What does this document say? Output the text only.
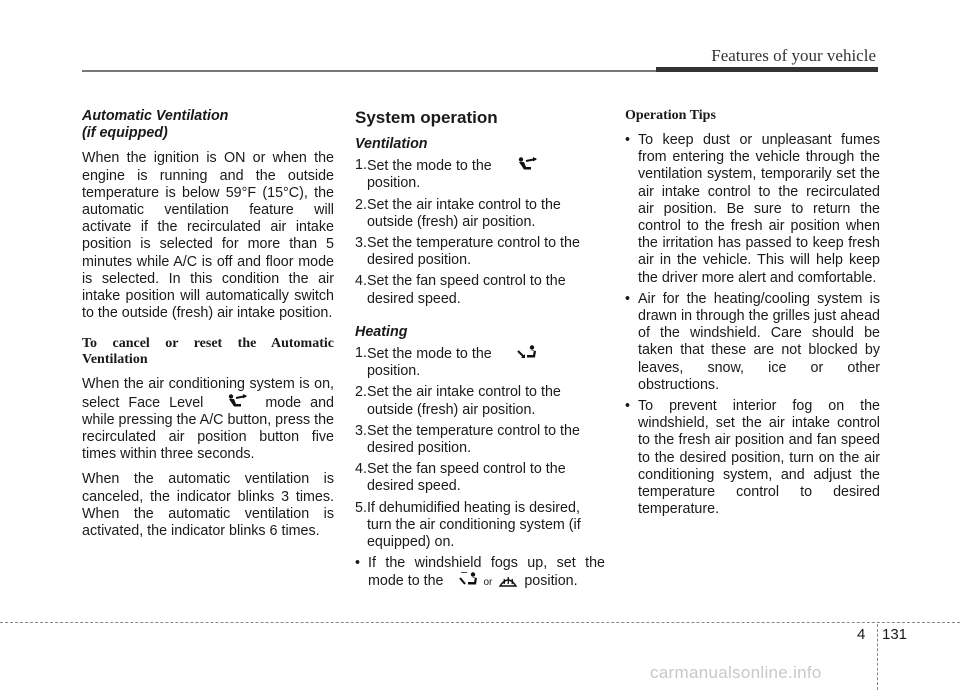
Features of your vehicle
Automatic Ventilation
(if equipped)

When the ignition is ON or when the engine is running and the outside temperature is below 59°F (15°C), the automatic ventilation feature will activate if the recirculated air intake position is selected for more than 5 minutes while A/C is off and floor mode is selected. In this condition the air intake position will automatically switch to the outside (fresh) air intake position.

To cancel or reset the Automatic Ventilation

When the air conditioning system is on, select Face Level	mode and while pressing the A/C button, press the recirculated air position button five times within three seconds.

When the automatic ventilation is canceled, the indicator blinks 3 times. When the automatic ventilation is activated, the indicator blinks 6 times.

System operation
Ventilation
1. Set the mode to the  position.
2. Set the air intake control to the outside (fresh) air position.
3. Set the temperature control to the desired position.
4. Set the fan speed control to the desired speed.
Heating
1. Set the mode to the  position.
2. Set the air intake control to the outside (fresh) air position.
3. Set the temperature control to the desired position.
4. Set the fan speed control to the desired speed.
5. If dehumidified heating is desired, turn the air conditioning system (if equipped) on.
• If the windshield fogs up, set the mode to the	or position.
Operation Tips
• To keep dust or unpleasant fumes from entering the vehicle through the ventilation system, temporarily set the air intake control to the recirculated air position. Be sure to return the control to the fresh air position when the irritation has passed to keep fresh air in the vehicle. This will help keep the driver more alert and comfortable.
• Air for the heating/cooling system is drawn in through the grilles just ahead of the windshield. Care should be taken that these are not blocked by leaves, snow, ice or other obstructions.
• To prevent interior fog on the windshield, set the air intake control to the fresh air position and fan speed to the desired position, turn on the air conditioning system, and adjust the temperature control to desired temperature.
4 131
carmanualsonline.info
